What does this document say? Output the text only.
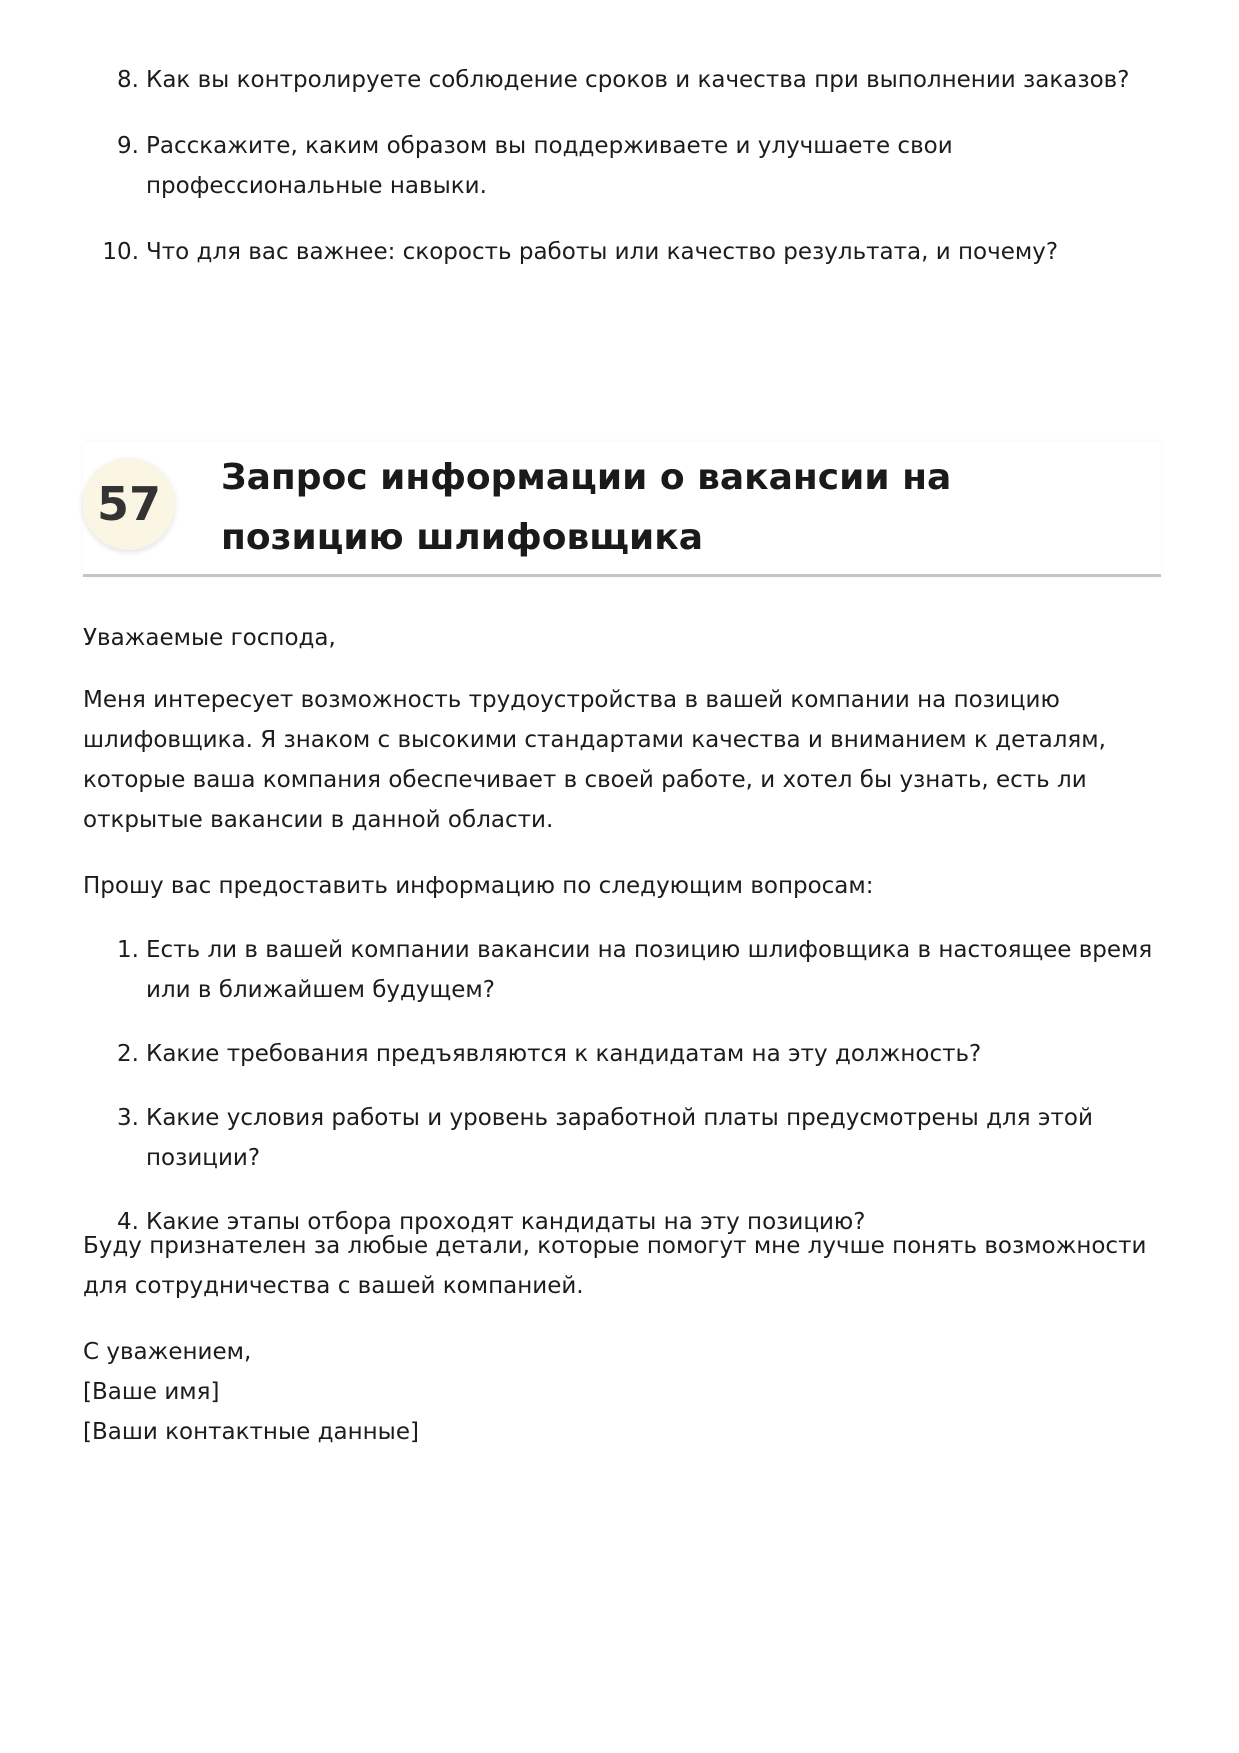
8. Как вы контролируете соблюдение сроков и качества при выполнении заказов?
9. Расскажите, каким образом вы поддерживаете и улучшаете свои профессиональные навыки.
10. Что для вас важнее: скорость работы или качество результата, и почему?
57	Запрос информации о вакансии на позицию шлифовщика

Уважаемые господа,

Меня интересует возможность трудоустройства в вашей компании на позицию шлифовщика. Я знаком с высокими стандартами качества и вниманием к деталям, которые ваша компания обеспечивает в своей работе, и хотел бы узнать, есть ли открытые вакансии в данной области.

Прошу вас предоставить информацию по следующим вопросам:

1. Есть ли в вашей компании вакансии на позицию шлифовщика в настоящее время или в ближайшем будущем?
2. Какие требования предъявляются к кандидатам на эту должность?
3. Какие условия работы и уровень заработной платы предусмотрены для этой позиции?
4. Какие этапы отбора проходят кандидаты на эту позицию?

Буду признателен за любые детали, которые помогут мне лучше понять возможности для сотрудничества с вашей компанией.

С уважением,
[Ваше имя]
[Ваши контактные данные]
